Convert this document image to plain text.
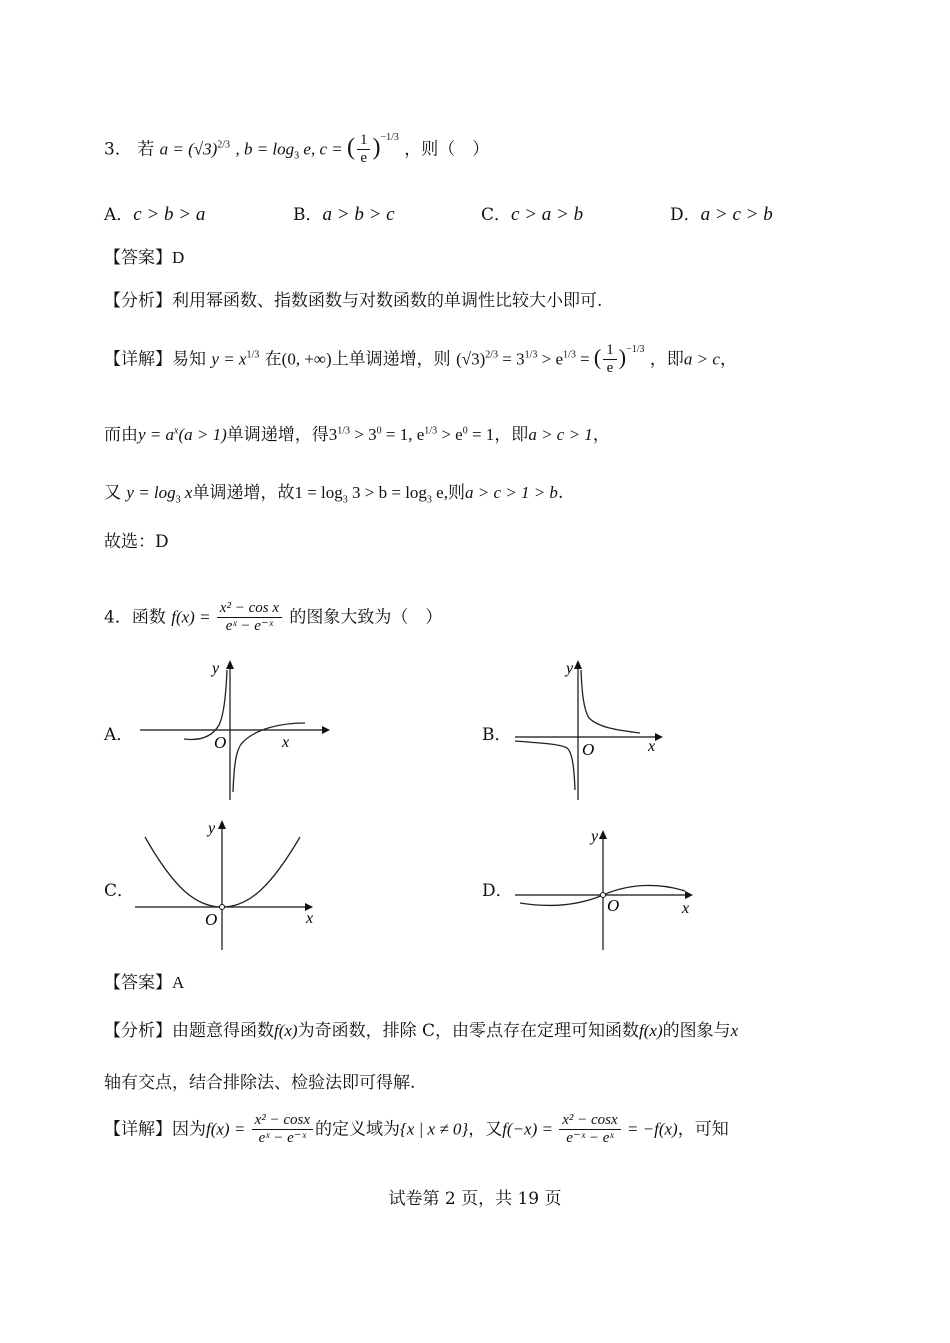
3． 若 $a = (√3)^{2/3}$ , $b = \log_3 e$, c = ( $\frac{1}{e} )^{-1/3}$ ，则（　）
A．c > b > a	B．a > b > c	C．c > a > b	D．a > c > b
【答案】D
【分析】利用幂函数、指数函数与对数函数的单调性比较大小即可.
【详解】易知 $y = x^{1/3}$ 在(0, +∞)上单调递增，则 $(√3)^{2/3} = 3^{1/3} > e^{1/3}$ = ( $\frac{1}{e} )^{-1/3}$ ，即a > c，
而由$y = a^x(a > 1)$单调递增，得$3^{1/3} > 3^0 = 1$, $e^{1/3} > e^0 = 1$，即a > c > 1，
又 $y = \log_3 x$单调递增，故$1 = \log_3 3 > b = \log_3 e$,则a > c > 1 > b.
故选：D
4．函数 $f(x) = \frac{\text{x² − cos x}}{\text{eˣ − e⁻ˣ}}$ 的图象大致为（　）
A．	B．
C．	D．
O	x
y
O	x
y
O	x
y
O	x
y
【答案】A
【分析】由题意得函数f(x)为奇函数，排除 C，由零点存在定理可知函数f(x)的图象与x
轴有交点，结合排除法、检验法即可得解.
【详解】因为$f(x) = \frac{\text{x² − cosx}}{\text{eˣ − e⁻ˣ}}$ 的定义域为{x | x ≠ 0}，又$f(-x) = \frac{\text{x² − cosx}}{\text{e⁻ˣ − eˣ}} = -f(x)$，可知
试卷第 2 页，共 19 页
